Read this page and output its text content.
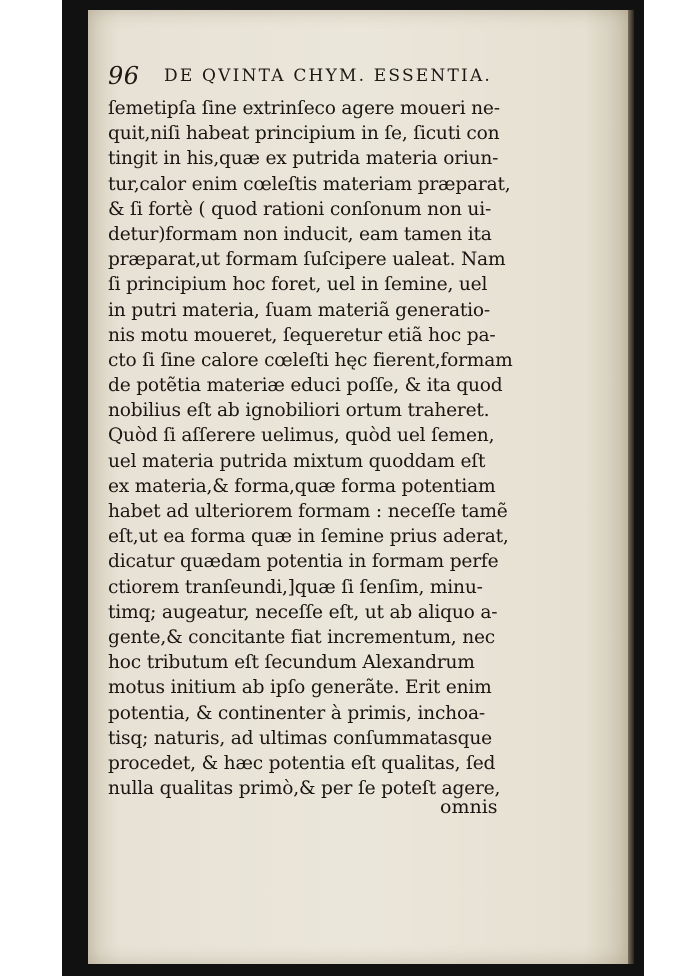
96 DE QVINTA CHYM. ESSENTIA.
ſemetipſa ſine extrinſeco agere moueri ne-
quit,niſi habeat principium in ſe, ſicuti con
tingit in his,quæ ex putrida materia oriun-
tur,calor enim cœleſtis materiam præparat,
& ſi fortè ( quod rationi conſonum non ui-
detur)formam non inducit, eam tamen ita
præparat,ut formam ſuſcipere ualeat. Nam
ſi principium hoc foret, uel in ſemine, uel
in putri materia, ſuam materiã generatio-
nis motu moueret, ſequeretur etiã hoc pa-
cto ſi ſine calore cœleſti hęc fierent,formam
de potẽtia materiæ educi poſſe, & ita quod
nobilius eſt ab ignobiliori ortum traheret.
Quòd ſi aſſerere uelimus, quòd uel ſemen,
uel materia putrida mixtum quoddam eſt
ex materia,& forma,quæ forma potentiam
habet ad ulteriorem formam : neceſſe tamẽ
eſt,ut ea forma quæ in ſemine prius aderat,
dicatur quædam potentia in formam perfe
ctiorem tranſeundi,]quæ ſi ſenſim, minu-
timq; augeatur, neceſſe eſt, ut ab aliquo a-
gente,& concitante fiat incrementum, nec
hoc tributum eſt ſecundum Alexandrum
motus initium ab ipſo generãte. Erit enim
potentia, & continenter à primis, inchoa-
tisq; naturis, ad ultimas conſummatasque
procedet, & hæc potentia eſt qualitas, ſed
nulla qualitas primò,& per ſe poteſt agere,
omnis
